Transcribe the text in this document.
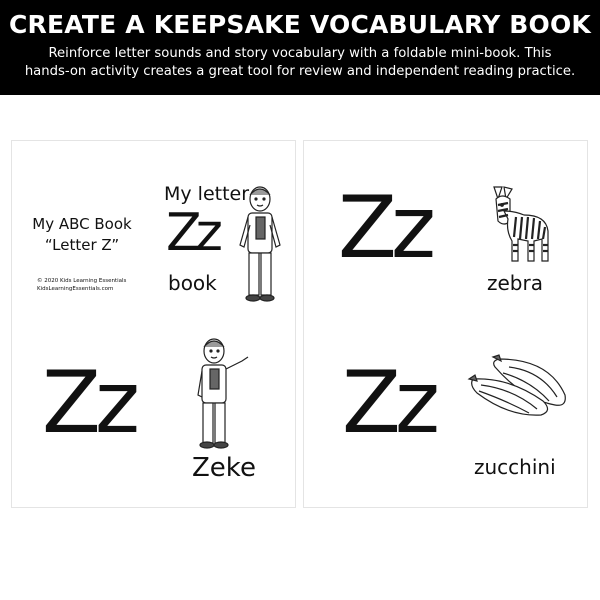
CREATE A KEEPSAKE VOCABULARY BOOK
Reinforce letter sounds and story vocabulary with a foldable mini-book. This
hands-on activity creates a great tool for review and independent reading practice.
My ABC Book
“Letter Z”
© 2020 Kids Learning Essentials
KidsLearningEssentials.com
My letter
Zz
book
Zz
Zeke
Zz
zebra
Zz
zucchini
